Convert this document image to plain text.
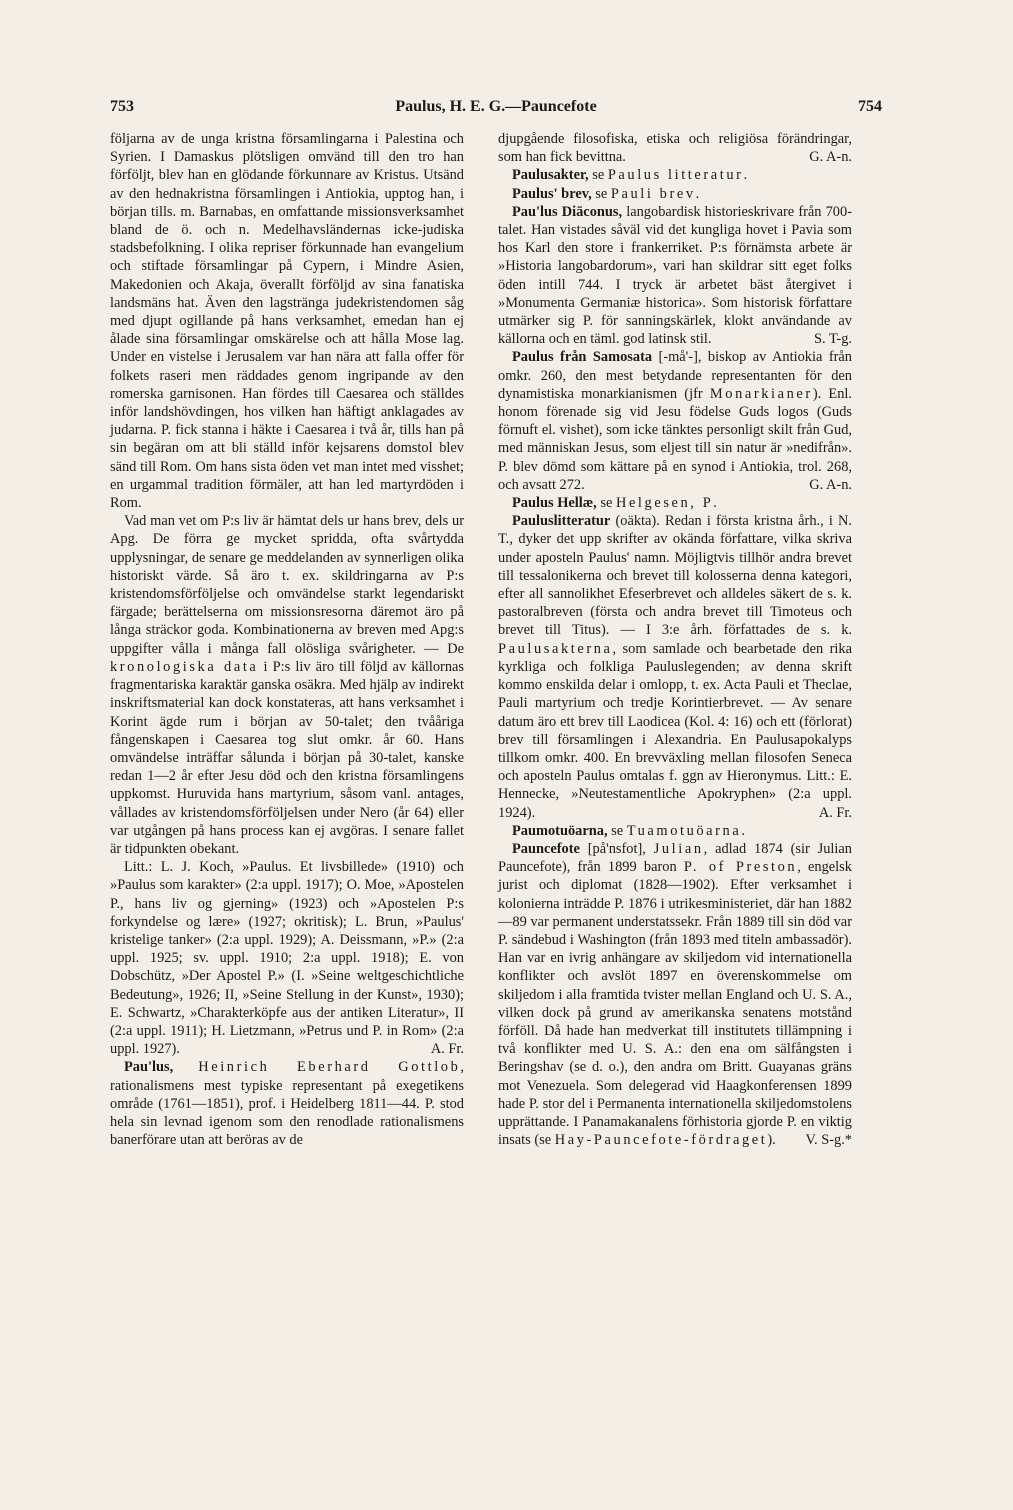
753	Paulus, H. E. G.—Pauncefote	754

följarna av de unga kristna församlingarna i Palestina och Syrien. I Damaskus plötsligen omvänd till den tro han förföljt, blev han en glödande förkunnare av Kristus. Utsänd av den hednakristna församlingen i Antiokia, upptog han, i början tills. m. Barnabas, en omfattande missionsverksamhet bland de ö. och n. Medelhavsländernas icke-judiska stadsbefolkning. I olika repriser förkunnade han evangelium och stiftade församlingar på Cypern, i Mindre Asien, Makedonien och Akaja, överallt förföljd av sina fanatiska landsmäns hat. Även den lagstränga judekristendomen såg med djupt ogillande på hans verksamhet, emedan han ej ålade sina församlingar omskärelse och att hålla Mose lag. Under en vistelse i Jerusalem var han nära att falla offer för folkets raseri men räddades genom ingripande av den romerska garnisonen. Han fördes till Caesarea och ställdes inför landshövdingen, hos vilken han häftigt anklagades av judarna. P. fick stanna i häkte i Caesarea i två år, tills han på sin begäran om att bli ställd inför kejsarens domstol blev sänd till Rom. Om hans sista öden vet man intet med visshet; en urgammal tradition förmäler, att han led martyrdöden i Rom.

Vad man vet om P:s liv är hämtat dels ur hans brev, dels ur Apg. De förra ge mycket spridda, ofta svårtydda upplysningar, de senare ge meddelanden av synnerligen olika historiskt värde. Så äro t. ex. skildringarna av P:s kristendomsförföljelse och omvändelse starkt legendariskt färgade; berättelserna om missionsresorna däremot äro på långa sträckor goda. Kombinationerna av breven med Apg:s uppgifter vålla i många fall olösliga svårigheter. — De kronologiska data i P:s liv äro till följd av källornas fragmentariska karaktär ganska osäkra. Med hjälp av indirekt inskriftsmaterial kan dock konstateras, att hans verksamhet i Korint ägde rum i början av 50-talet; den tvååriga fångenskapen i Caesarea tog slut omkr. år 60. Hans omvändelse inträffar sålunda i början på 30-talet, kanske redan 1—2 år efter Jesu död och den kristna församlingens uppkomst. Huruvida hans martyrium, såsom vanl. antages, vållades av kristendomsförföljelsen under Nero (år 64) eller var utgången på hans process kan ej avgöras. I senare fallet är tidpunkten obekant.

Litt.: L. J. Koch, »Paulus. Et livsbillede» (1910) och »Paulus som karakter» (2:a uppl. 1917); O. Moe, »Apostelen P., hans liv og gjerning» (1923) och »Apostelen P:s forkyndelse og lære» (1927; okritisk); L. Brun, »Paulus' kristelige tanker» (2:a uppl. 1929); A. Deissmann, »P.» (2:a uppl. 1925; sv. uppl. 1910; 2:a uppl. 1918); E. von Dobschütz, »Der Apostel P.» (I. »Seine weltgeschichtliche Bedeutung», 1926; II, »Seine Stellung in der Kunst», 1930); E. Schwartz, »Charakterköpfe aus der antiken Literatur», II (2:a uppl. 1911); H. Lietzmann, »Petrus und P. in Rom» (2:a uppl. 1927).	A. Fr.

Pau'lus, Heinrich Eberhard Gottlob, rationalismens mest typiske representant på exegetikens område (1761—1851), prof. i Heidelberg 1811—44. P. stod hela sin levnad igenom som den renodlade rationalismens banerförare utan att beröras av de

djupgående filosofiska, etiska och religiösa förändringar, som han fick bevittna.	G. A-n.

Paulusakter, se Paulus litteratur.

Paulus' brev, se Pauli brev.

Pau'lus Diāconus, langobardisk historieskrivare från 700-talet. Han vistades såväl vid det kungliga hovet i Pavia som hos Karl den store i frankerriket. P:s förnämsta arbete är »Historia langobardorum», vari han skildrar sitt eget folks öden intill 744. I tryck är arbetet bäst återgivet i »Monumenta Germaniæ historica». Som historisk författare utmärker sig P. för sanningskärlek, klokt användande av källorna och en täml. god latinsk stil.	S. T-g.

Paulus från Samosata [-må'-], biskop av Antiokia från omkr. 260, den mest betydande representanten för den dynamistiska monarkianismen (jfr Monarkianer). Enl. honom förenade sig vid Jesu födelse Guds logos (Guds förnuft el. vishet), som icke tänktes personligt skilt från Gud, med människan Jesus, som eljest till sin natur är »nedifrån». P. blev dömd som kättare på en synod i Antiokia, trol. 268, och avsatt 272.	G. A-n.

Paulus Hellæ, se Helgesen, P.

Pauluslitteratur (oäkta). Redan i första kristna årh., i N. T., dyker det upp skrifter av okända författare, vilka skriva under aposteln Paulus' namn. Möjligtvis tillhör andra brevet till tessalonikerna och brevet till kolosserna denna kategori, efter all sannolikhet Efeserbrevet och alldeles säkert de s. k. pastoralbreven (första och andra brevet till Timoteus och brevet till Titus). — I 3:e årh. författades de s. k. Paulusakterna, som samlade och bearbetade den rika kyrkliga och folkliga Pauluslegenden; av denna skrift kommo enskilda delar i omlopp, t. ex. Acta Pauli et Theclae, Pauli martyrium och tredje Korintierbrevet. — Av senare datum äro ett brev till Laodicea (Kol. 4: 16) och ett (förlorat) brev till församlingen i Alexandria. En Paulusapokalyps tillkom omkr. 400. En brevväxling mellan filosofen Seneca och aposteln Paulus omtalas f. ggn av Hieronymus. Litt.: E. Hennecke, »Neutestamentliche Apokryphen» (2:a uppl. 1924).	A. Fr.

Paumotuöarna, se Tuamotuöarna.

Pauncefote [på'nsfot], Julian, adlad 1874 (sir Julian Pauncefote), från 1899 baron P. of Preston, engelsk jurist och diplomat (1828—1902). Efter verksamhet i kolonierna inträdde P. 1876 i utrikesministeriet, där han 1882—89 var permanent understatssekr. Från 1889 till sin död var P. sändebud i Washington (från 1893 med titeln ambassadör). Han var en ivrig anhängare av skiljedom vid internationella konflikter och avslöt 1897 en överenskommelse om skiljedom i alla framtida tvister mellan England och U. S. A., vilken dock på grund av amerikanska senatens motstånd förföll. Då hade han medverkat till institutets tillämpning i två konflikter med U. S. A.: den ena om sälfångsten i Beringshav (se d. o.), den andra om Britt. Guayanas gräns mot Venezuela. Som delegerad vid Haagkonferensen 1899 hade P. stor del i Permanenta internationella skiljedomstolens upprättande. I Panamakanalens förhistoria gjorde P. en viktig insats (se Hay-Pauncefote-fördraget). V. S-g.*
